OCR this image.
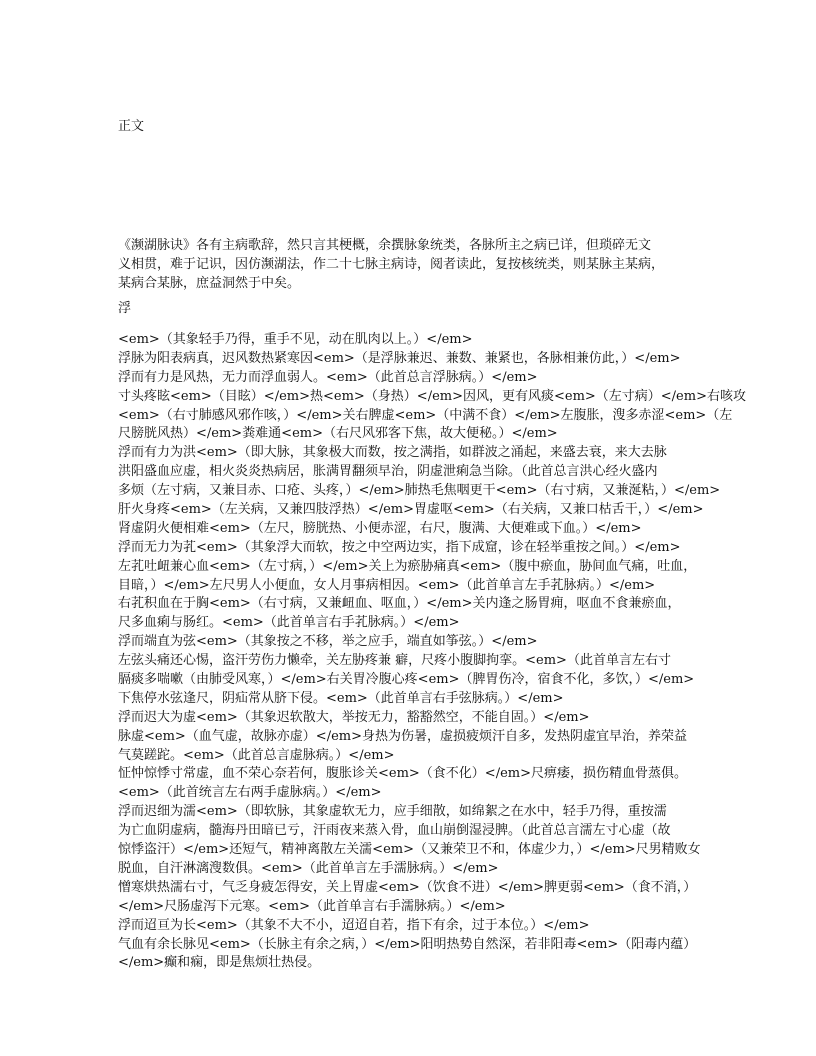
正文
《濒湖脉诀》各有主病歌辞，然只言其梗概，余撰脉象统类，各脉所主之病已详，但琐碎无文
义相贯，难于记识，因仿濒湖法，作二十七脉主病诗，阅者读此，复按核统类，则某脉主某病，
某病合某脉，庶益洞然于中矣。
浮
<em>（其象轻手乃得，重手不见，动在肌肉以上。）</em>
浮脉为阳表病真，迟风数热紧寒因<em>（是浮脉兼迟、兼数、兼紧也，各脉相兼仿此，）</em>
浮而有力是风热，无力而浮血弱人。<em>（此首总言浮脉病。）</em>
寸头疼眩<em>（目眩）</em>热<em>（身热）</em>因风，更有风痰<em>（左寸病）</em>右咳攻
<em>（右寸肺感风邪作咳，）</em>关右脾虚<em>（中满不食）</em>左腹胀，溲多赤涩<em>（左
尺膀胱风热）</em>粪难通<em>（右尺风邪客下焦，故大便秘。）</em>
浮而有力为洪<em>（即大脉，其象极大而数，按之满指，如群波之涌起，来盛去衰，来大去脉
洪阳盛血应虚，相火炎炎热病居，胀满胃翻须早治，阴虚泄痢急当除。（此首总言洪心经火盛内
多烦（左寸病，又兼目赤、口疮、头疼，）</em>肺热毛焦咽更干<em>（右寸病，又兼涎粘，）</em>
肝火身疼<em>（左关病，又兼四肢浮热）</em>胃虚呕<em>（右关病，又兼口枯舌干，）</em>
肾虚阴火便相难<em>（左尺，膀胱热、小便赤涩，右尺，腹满、大便难或下血。）</em>
浮而无力为芤<em>（其象浮大而软，按之中空两边实，指下成窟，诊在轻举重按之间。）</em>
左芤吐衄兼心血<em>（左寸病，）</em>关上为瘀胁痛真<em>（腹中瘀血，胁间血气痛，吐血，
目暗，）</em>左尺男人小便血，女人月事病相因。<em>（此首单言左手芤脉病。）</em>
右芤积血在于胸<em>（右寸病，又兼衄血、呕血，）</em>关内逢之肠胃痈，呕血不食兼瘀血，
尺多血痢与肠红。<em>（此首单言右手芤脉病。）</em>
浮而端直为弦<em>（其象按之不移，举之应手，端直如筝弦。）</em>
左弦头痛还心惕，盗汗劳伤力懒牵，关左胁疼兼 癖，尺疼小腹脚拘挛。<em>（此首单言左右寸
膈痰多喘嗽（由肺受风寒，）</em>右关胃冷腹心疼<em>（脾胃伤冷，宿食不化，多饮，）</em>
下焦停水弦逢尺，阴疝常从脐下侵。<em>（此首单言右手弦脉病。）</em>
浮而迟大为虚<em>（其象迟软散大，举按无力，豁豁然空，不能自固。）</em>
脉虚<em>（血气虚，故脉亦虚）</em>身热为伤暑，虚损疲烦汗自多，发热阴虚宜早治，养荣益
气莫蹉跎。<em>（此首总言虚脉病。）</em>
怔忡惊悸寸常虚，血不荣心奈若何，腹胀诊关<em>（食不化）</em>尺痹痿，损伤精血骨蒸俱。
<em>（此首统言左右两手虚脉病。）</em>
浮而迟细为濡<em>（即软脉，其象虚软无力，应手细散，如绵絮之在水中，轻手乃得，重按濡
为亡血阴虚病，髓海丹田暗已亏，汗雨夜来蒸入骨，血山崩倒湿浸脾。（此首总言濡左寸心虚（故
惊悸盗汗）</em>还短气，精神离散左关濡<em>（又兼荣卫不和，体虚少力，）</em>尺男精败女
脱血，自汗淋漓溲数俱。<em>（此首单言左手濡脉病。）</em>
憎寒烘热濡右寸，气乏身疲怎得安，关上胃虚<em>（饮食不进）</em>脾更弱<em>（食不消，）
</em>尺肠虚泻下元寒。<em>（此首单言右手濡脉病。）</em>
浮而迢亘为长<em>（其象不大不小，迢迢自若，指下有余，过于本位。）</em>
气血有余长脉见<em>（长脉主有余之病，）</em>阳明热势自然深，若非阳毒<em>（阳毒内蕴）
</em>癫和痫，即是焦烦壮热侵。
